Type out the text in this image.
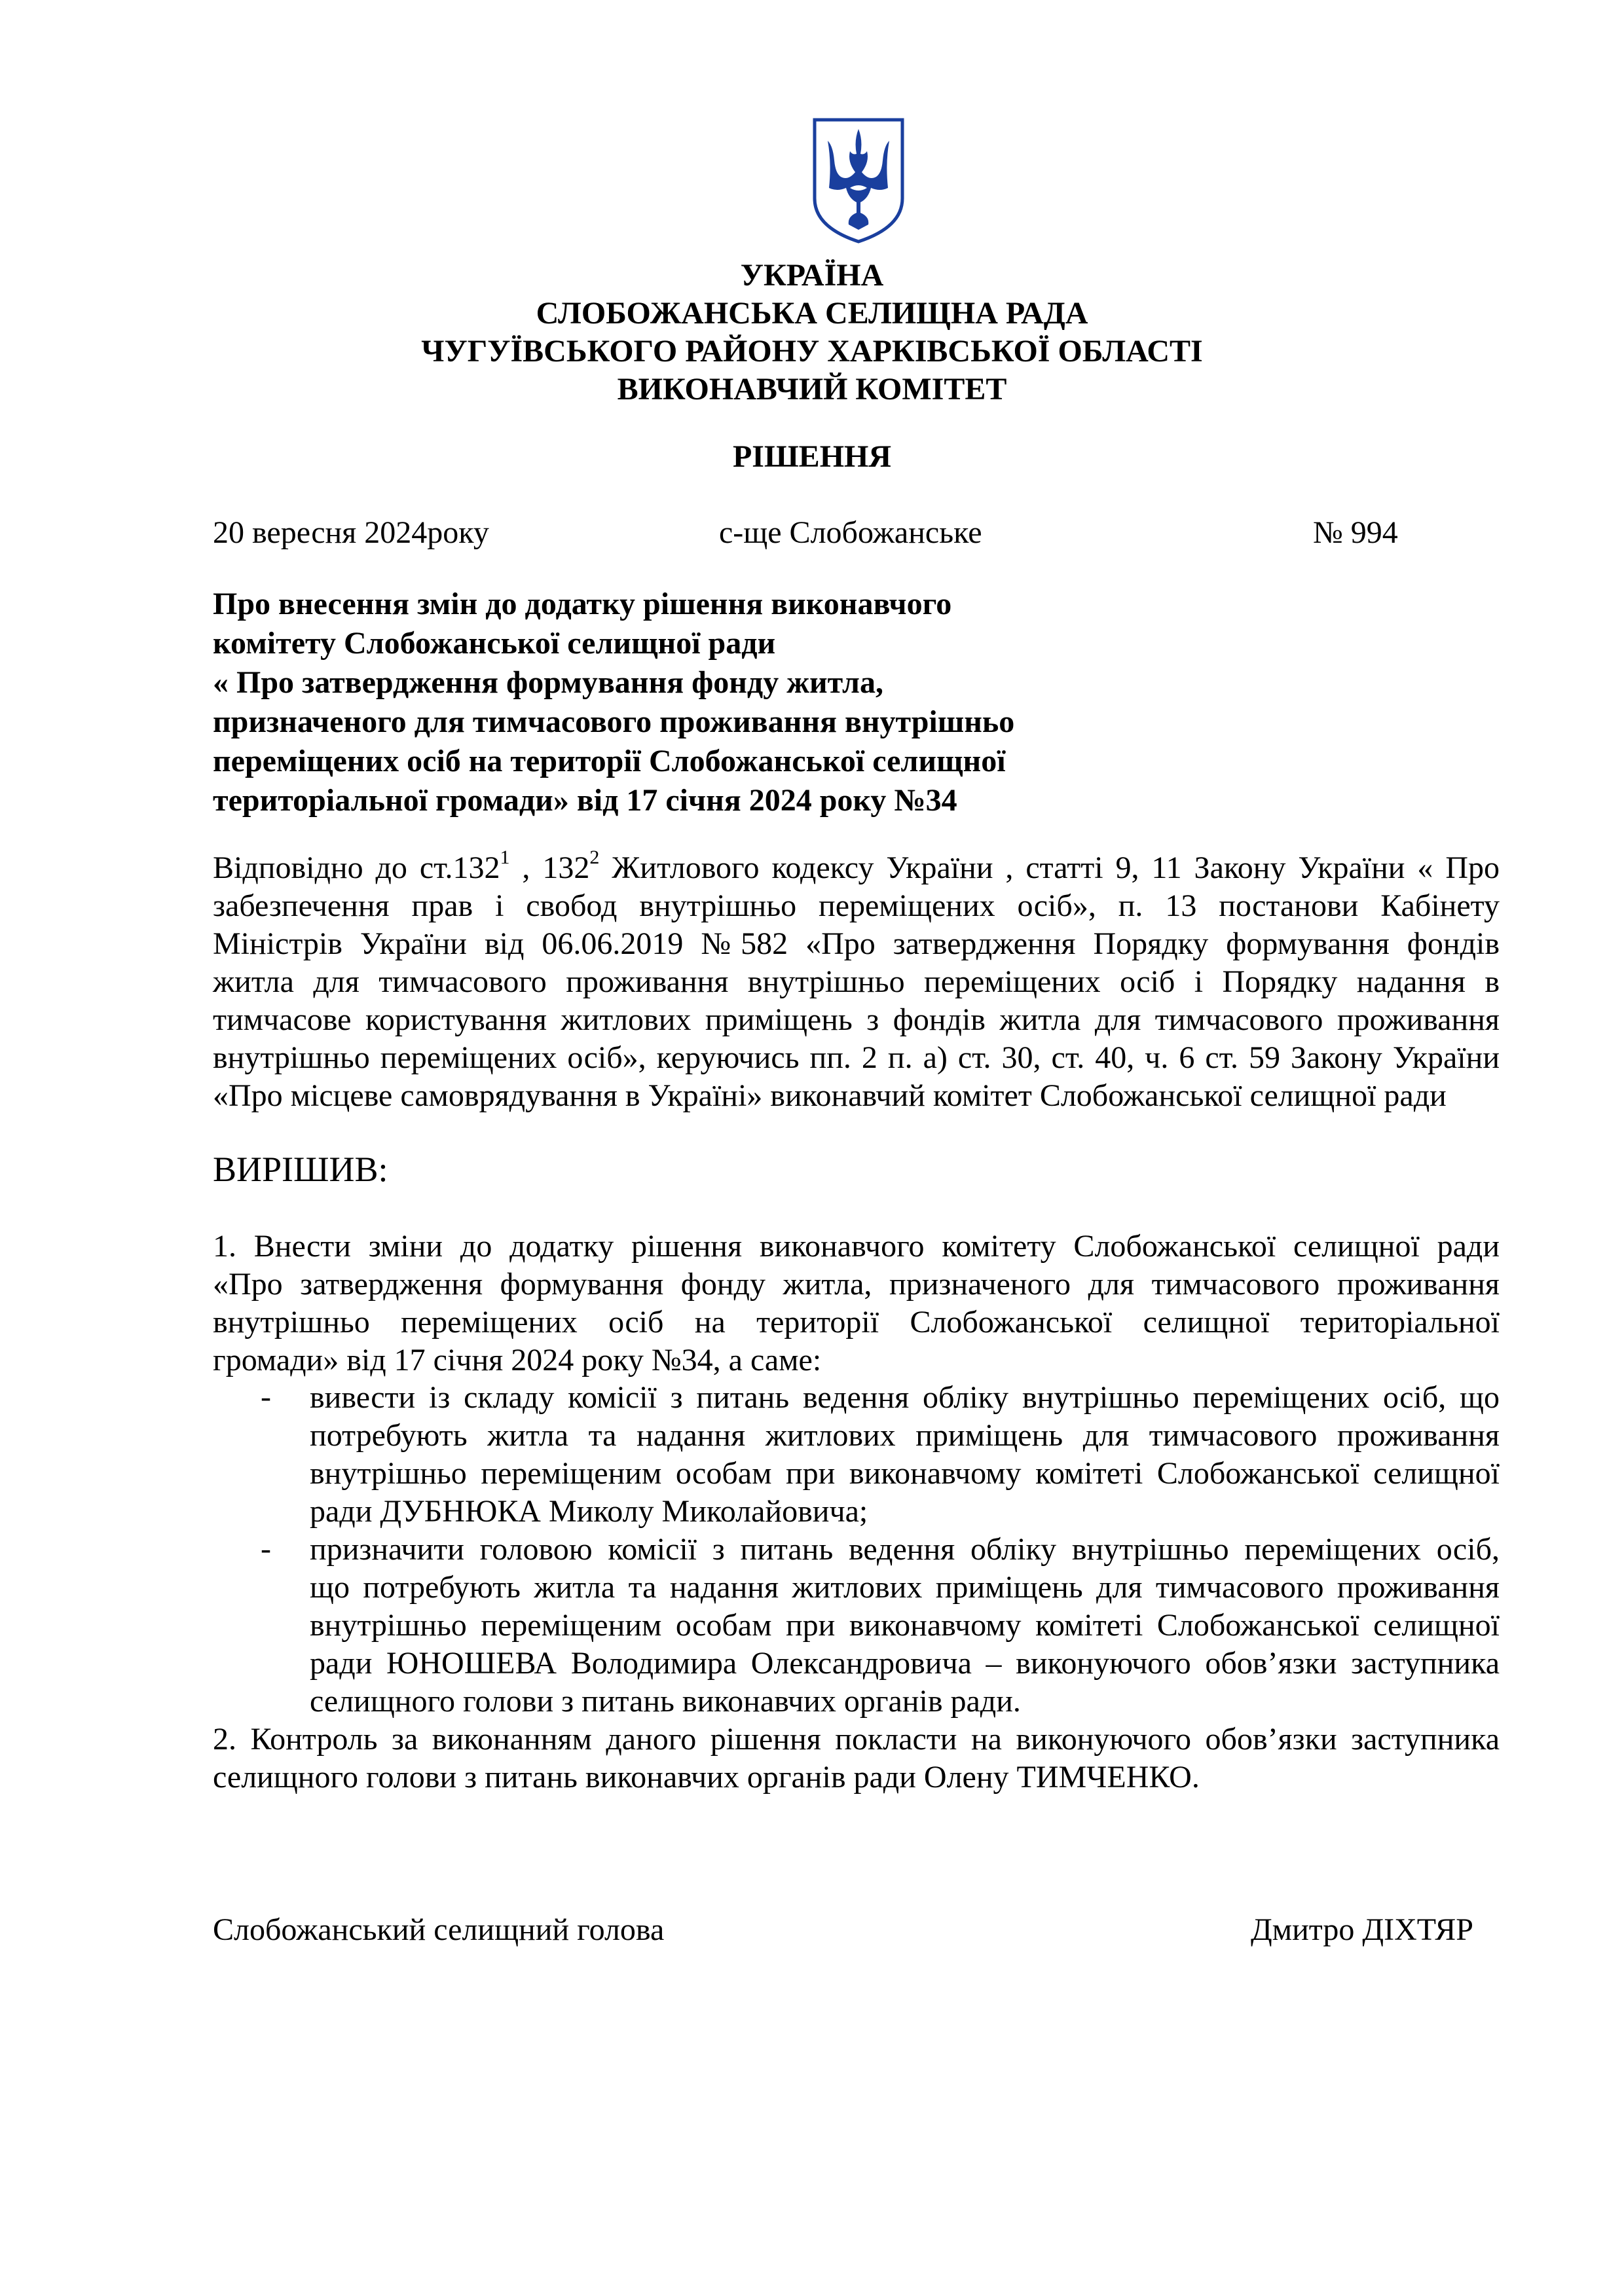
УКРАЇНА
СЛОБОЖАНСЬКА СЕЛИЩНА РАДА
ЧУГУЇВСЬКОГО РАЙОНУ ХАРКІВСЬКОЇ ОБЛАСТІ
ВИКОНАВЧИЙ КОМІТЕТ
РІШЕННЯ
20 вересня 2024року	с-ще Слобожанське	№ 994
Про внесення змін до додатку рішення виконавчого
комітету Слобожанської селищної ради
« Про затвердження формування фонду житла,
призначеного для тимчасового проживання внутрішньо
переміщених осіб на території Слобожанської селищної
територіальної громади» від 17 січня 2024 року №34
Відповідно до ст.132$^1$ , $132^2$ Житлового кодексу України , статті 9, 11 Закону України « Про
забезпечення прав і свобод внутрішньо переміщених осіб», п. 13 постанови Кабінету
Міністрів України від 06.06.2019 №582 «Про затвердження Порядку формування фондів
житла для тимчасового проживання внутрішньо переміщених осіб і Порядку надання в
тимчасове користування житлових приміщень з фондів житла для тимчасового проживання
внутрішньо переміщених осіб», керуючись пп. 2 п. а) ст. 30, ст. 40, ч. 6 ст. 59 Закону України
«Про місцеве самоврядування в Україні» виконавчий комітет Слобожанської селищної ради
ВИРІШИВ:
1. Внести зміни до додатку рішення виконавчого комітету Слобожанської селищної ради
«Про затвердження формування фонду житла, призначеного для тимчасового проживання
внутрішньо переміщених осіб на території Слобожанської селищної територіальної
громади» від 17 січня 2024 року №34, а саме:
- вивести із складу комісії з питань ведення обліку внутрішньо переміщених осіб, що
потребують житла та надання житлових приміщень для тимчасового проживання
внутрішньо переміщеним особам при виконавчому комітеті Слобожанської селищної
ради ДУБНЮКА Миколу Миколайовича;
- призначити головою комісії з питань ведення обліку внутрішньо переміщених осіб,
що потребують житла та надання житлових приміщень для тимчасового проживання
внутрішньо переміщеним особам при виконавчому комітеті Слобожанської селищної
ради ЮНОШЕВА Володимира Олександровича – виконуючого обов’язки заступника
селищного голови з питань виконавчих органів ради.
2. Контроль за виконанням даного рішення покласти на виконуючого обов’язки заступника
селищного голови з питань виконавчих органів ради Олену ТИМЧЕНКО.
Слобожанський селищний голова	Дмитро ДІХТЯР
